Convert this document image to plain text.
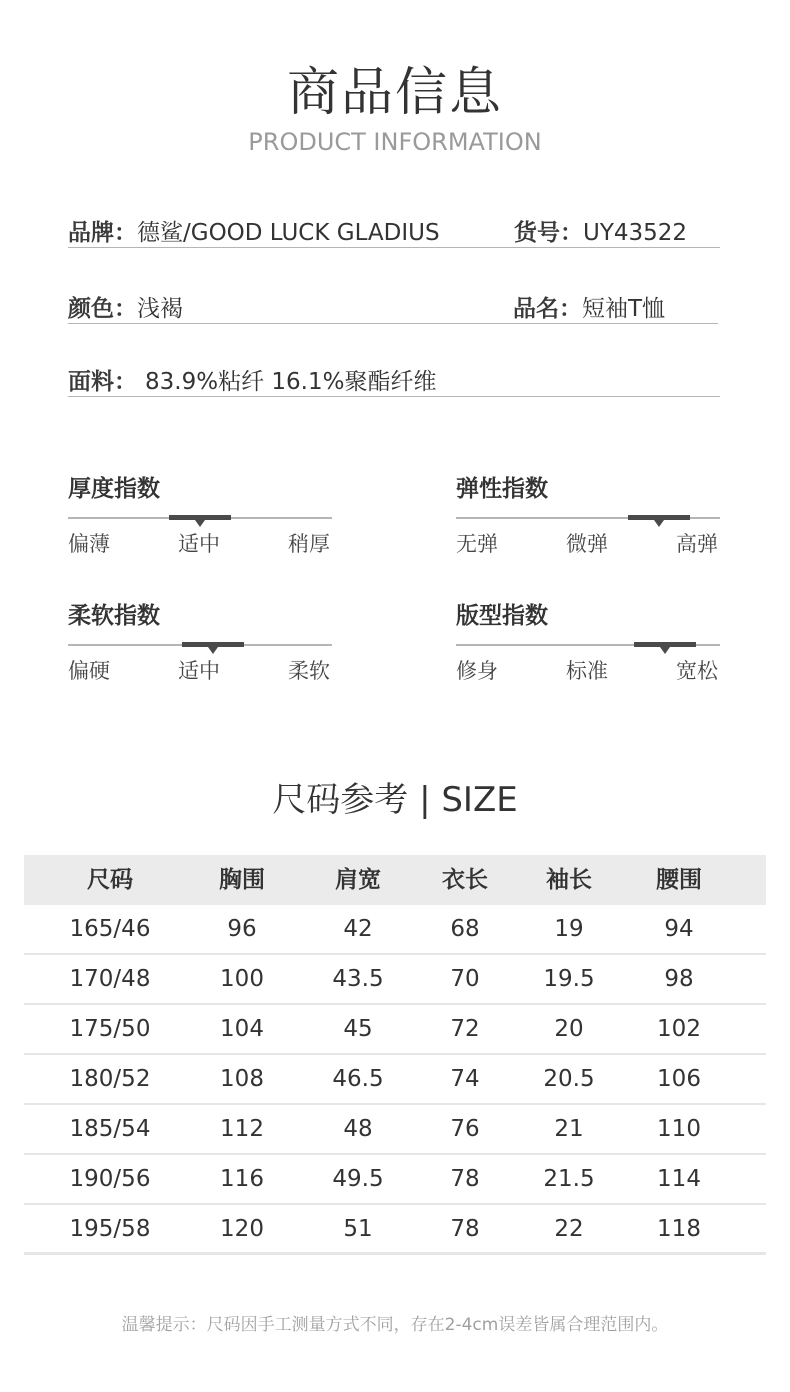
商品信息
PRODUCT INFORMATION
品牌：德鲨/GOOD LUCK GLADIUS	货号：UY43522
颜色：浅褐	品名：短袖T恤
面料： 83.9%粘纤 16.1%聚酯纤维
厚度指数
偏薄	适中	稍厚
弹性指数
无弹	微弹	高弹
柔软指数
偏硬	适中	柔软
版型指数
修身	标准	宽松
尺码参考 | SIZE
尺码	胸围	肩宽	衣长	袖长	腰围
165/46	96	42	68	19	94
170/48	100	43.5	70	19.5	98
175/50	104	45	72	20	102
180/52	108	46.5	74	20.5	106
185/54	112	48	76	21	110
190/56	116	49.5	78	21.5	114
195/58	120	51	78	22	118
温馨提示：尺码因手工测量方式不同，存在2-4cm误差皆属合理范围内。
